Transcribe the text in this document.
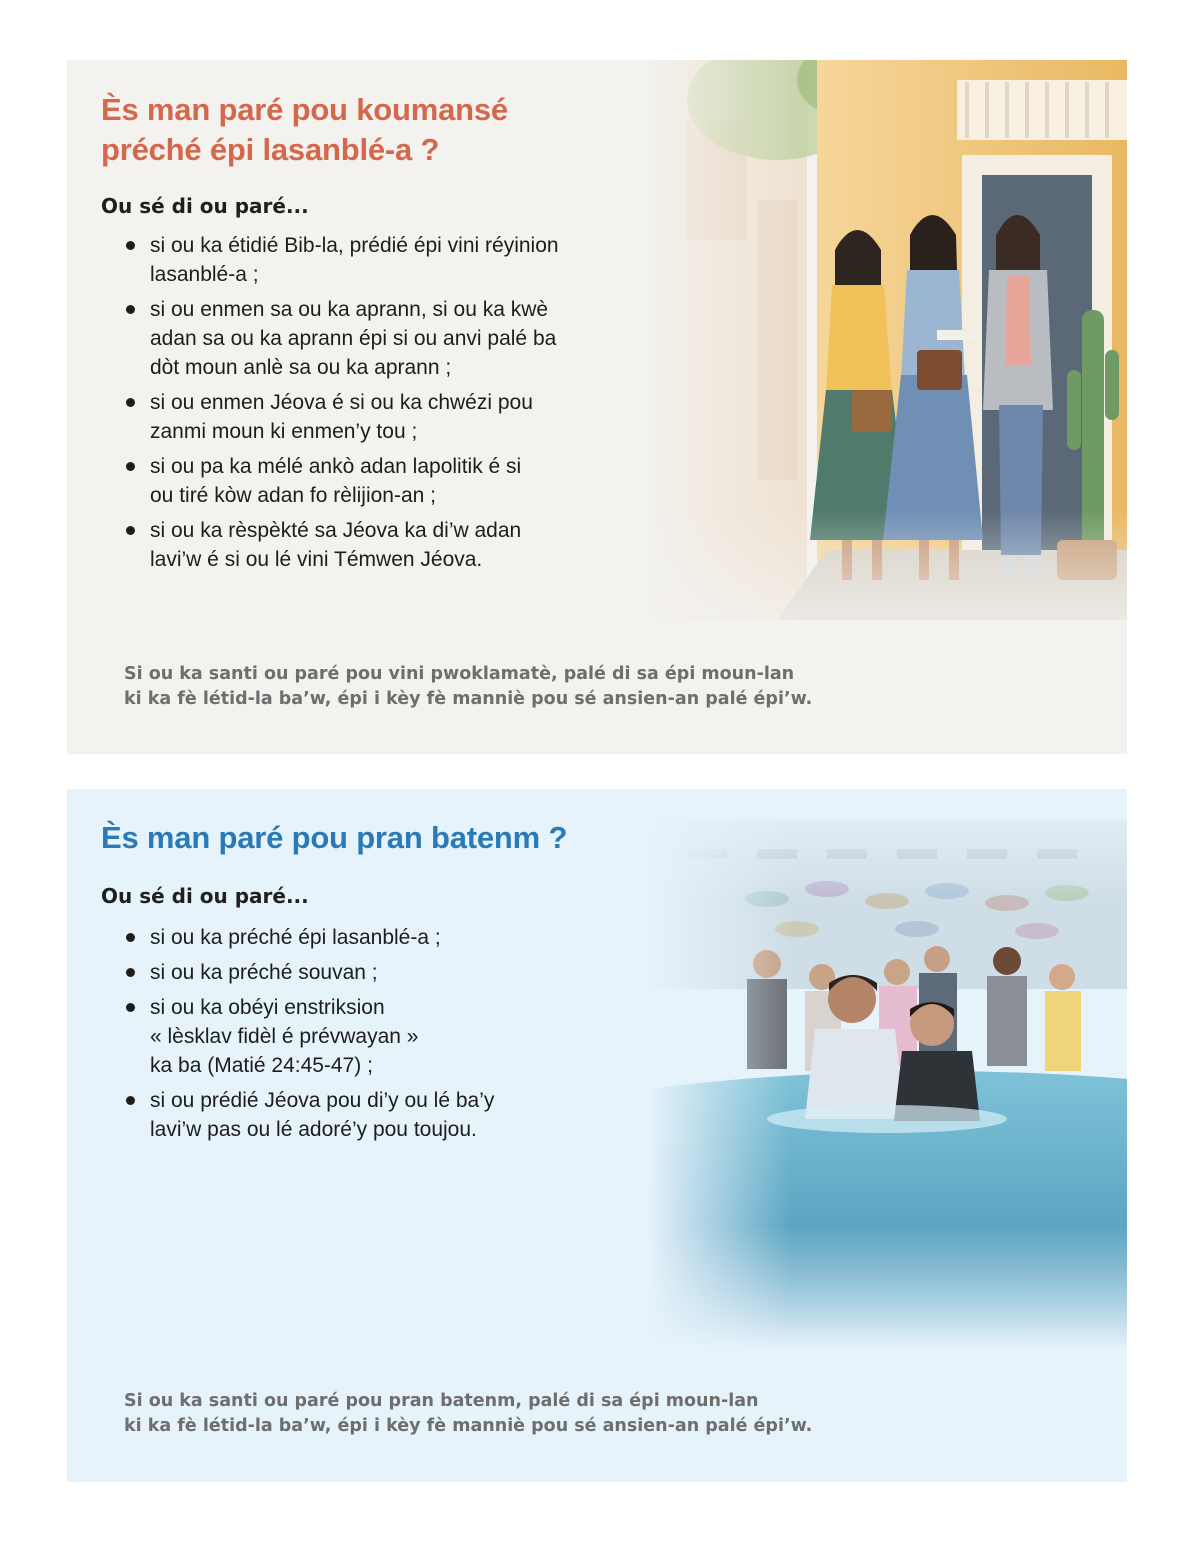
Ès man paré pou koumansé
préché épi lasanblé-a ?

Ou sé di ou paré...

si ou ka étidié Bib-la, prédié épi vini réyinion
lasanblé-a ;
si ou enmen sa ou ka aprann, si ou ka kwè
adan sa ou ka aprann épi si ou anvi palé ba
dòt moun anlè sa ou ka aprann ;
si ou enmen Jéova é si ou ka chwézi pou
zanmi moun ki enmen’y tou ;
si ou pa ka mélé ankò adan lapolitik é si
ou tiré kòw adan fo rèlijion-an ;
si ou ka rèspèkté sa Jéova ka di’w adan
lavi’w é si ou lé vini Témwen Jéova.

Si ou ka santi ou paré pou vini pwoklamatè, palé di sa épi moun-lan
ki ka fè létid-la ba’w, épi i kèy fè manniè pou sé ansien-an palé épi’w.

Ès man paré pou pran batenm ?

Ou sé di ou paré...

si ou ka préché épi lasanblé-a ;
si ou ka préché souvan ;
si ou ka obéyi enstriksion
« lèsklav fidèl é prévwayan »
ka ba (Matié 24:45-47) ;
si ou prédié Jéova pou di’y ou lé ba’y
lavi’w pas ou lé adoré’y pou toujou.

Si ou ka santi ou paré pou pran batenm, palé di sa épi moun-lan
ki ka fè létid-la ba’w, épi i kèy fè manniè pou sé ansien-an palé épi’w.
